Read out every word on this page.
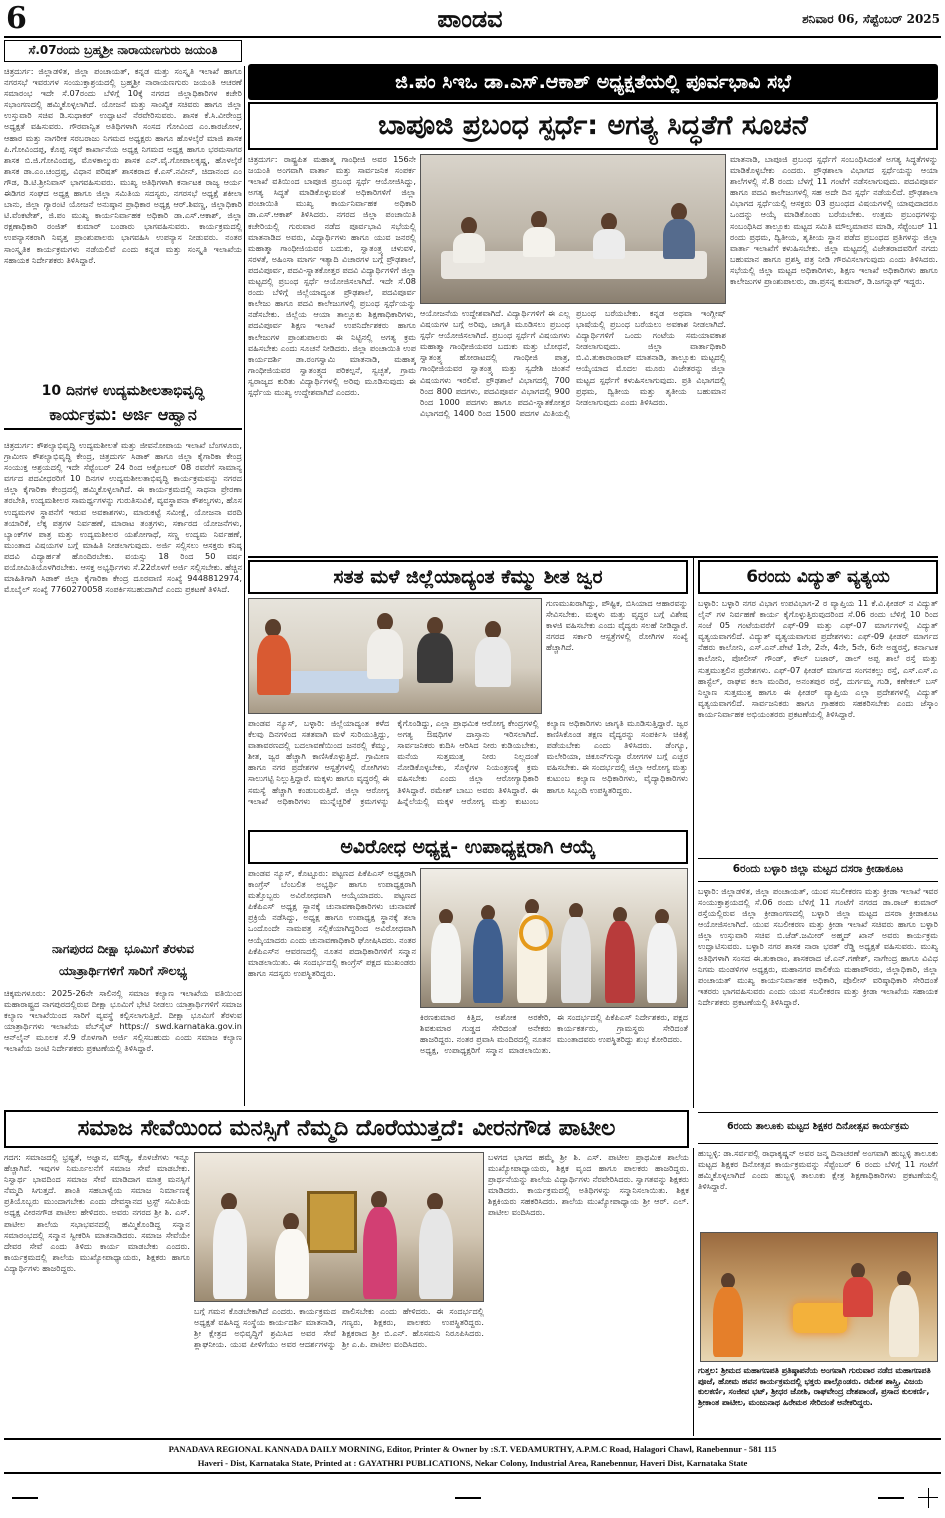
6	ಪಾಂಡವ	ಶನಿವಾರ 06, ಸೆಪ್ಟೆಂಬರ್ 2025
ಸೆ.07ರಂದು ಬ್ರಹ್ಮಶ್ರೀ ನಾರಾಯಣಗುರು ಜಯಂತಿ
ಚಿತ್ರದುರ್ಗ: ಜಿಲ್ಲಾಡಳಿತ, ಜಿಲ್ಲಾ ಪಂಚಾಯತ್, ಕನ್ನಡ ಮತ್ತು ಸಂಸ್ಕೃತಿ ಇಲಾಖೆ ಹಾಗೂ ನಗರಸಭೆ ಇವರುಗಳ ಸಂಯುಕ್ತಾಶ್ರಯದಲ್ಲಿ ಬ್ರಹ್ಮಶ್ರೀ ನಾರಾಯಣಗುರು ಜಯಂತಿ ಆಚರಣೆ ಸಮಾರಂಭ ಇದೇ ಸೆ.07ರಂದು ಬೆಳಿಗ್ಗೆ 10ಕ್ಕೆ ನಗರದ ಜಿಲ್ಲಾಧಿಕಾರಿಗಳ ಕಚೇರಿ ಸಭಾಂಗಣದಲ್ಲಿ ಹಮ್ಮಿಕೊಳ್ಳಲಾಗಿದೆ. ಯೋಜನೆ ಮತ್ತು ಸಾಂಖ್ಯಿಕ ಸಚಿವರು ಹಾಗೂ ಜಿಲ್ಲಾ ಉಸ್ತುವಾರಿ ಸಚಿವ ಡಿ.ಸುಧಾಕರ್ ಉದ್ಘಾಟನೆ ನೆರವೇರಿಸುವರು. ಶಾಸಕ ಕೆ.ಸಿ.ವೀರೇಂದ್ರ ಅಧ್ಯಕ್ಷತೆ ವಹಿಸುವರು. ಗೌರವಾನ್ವಿತ ಅತಿಥಿಗಳಾಗಿ ಸಂಸದ ಗೋವಿಂದ ಎಂ.ಕಾರಜೋಳ, ಆಹಾರ ಮತ್ತು ನಾಗರೀಕ ಸರಬರಾಜು ನಿಗಮದ ಅಧ್ಯಕ್ಷರು ಹಾಗೂ ಹೊಳಲ್ಕೆರೆ ಮಾಜಿ ಶಾಸಕ ಪಿ.ಗೋವಿಂದಪ್ಪ, ಕೊಪ್ಪ ಸಕ್ಕರೆ ಕಾರ್ಖಾನೆಯ ಅಧ್ಯಕ್ಷ ನಿಗಮದ ಅಧ್ಯಕ್ಷ ಹಾಗೂ ಭರಮಸಾಗರ ಶಾಸಕ ಬಿ.ಜಿ.ಗೋವಿಂದಪ್ಪ, ಮೊಳಕಾಲ್ಮುರು ಶಾಸಕ ಎನ್.ವೈ.ಗೋಪಾಲಕೃಷ್ಣ, ಹೊಳಲ್ಕೆರೆ ಶಾಸಕ ಡಾ.ಎಂ.ಚಂದ್ರಪ್ಪ, ವಿಧಾನ ಪರಿಷತ್ ಶಾಸಕರಾದ ಕೆ.ಎಸ್.ನವೀನ್, ಚಿದಾನಂದ ಎಂ ಗೌಡ, ಡಿ.ಟಿ.ಶ್ರೀನಿವಾಸ್ ಭಾಗವಹಿಸುವರು. ಮುಖ್ಯ ಅತಿಥಿಗಳಾಗಿ ಕರ್ನಾಟಕ ರಾಜ್ಯ ಆರ್ಯ ಈಡಿಗರ ಸಂಘದ ಅಧ್ಯಕ್ಷ ಹಾಗೂ ಜಿಲ್ಲಾ ಸಮಿತಿಯ ಸದಸ್ಯರು, ನಗರಸಭೆ ಅಧ್ಯಕ್ಷೆ ಶಕೀಲಾ ಬಾನು, ಜಿಲ್ಲಾ ಗ್ಯಾರಂಟಿ ಯೋಜನೆ ಅನುಷ್ಠಾನ ಪ್ರಾಧಿಕಾರ ಅಧ್ಯಕ್ಷ ಆರ್.ಶಿವಣ್ಣ, ಜಿಲ್ಲಾಧಿಕಾರಿ ಟಿ.ವೆಂಕಟೇಶ್, ಜಿ.ಪಂ ಮುಖ್ಯ ಕಾರ್ಯನಿರ್ವಾಹಕ ಅಧಿಕಾರಿ ಡಾ.ಎಸ್.ಆಕಾಶ್, ಜಿಲ್ಲಾ ರಕ್ಷಣಾಧಿಕಾರಿ ರಂಜಿತ್ ಕುಮಾರ್ ಬಂಡಾರು ಭಾಗವಹಿಸುವರು. ಕಾರ್ಯಕ್ರಮದಲ್ಲಿ ಉಪನ್ಯಾಸಕರಾಗಿ ನಿವೃತ್ತ ಪ್ರಾಂಶುಪಾಲರು ಭಾಗವಹಿಸಿ ಉಪನ್ಯಾಸ ನೀಡುವರು. ನಂತರ ಸಾಂಸ್ಕೃತಿಕ ಕಾರ್ಯಕ್ರಮಗಳು ನಡೆಯಲಿವೆ ಎಂದು ಕನ್ನಡ ಮತ್ತು ಸಂಸ್ಕೃತಿ ಇಲಾಖೆಯ ಸಹಾಯಕ ನಿರ್ದೇಶಕರು ತಿಳಿಸಿದ್ದಾರೆ.
10 ದಿನಗಳ ಉದ್ಯಮಶೀಲತಾಭಿವೃದ್ಧಿ
ಕಾರ್ಯಕ್ರಮ: ಅರ್ಜಿ ಆಹ್ವಾನ
ಚಿತ್ರದುರ್ಗ: ಕೌಶಲ್ಯಾಭಿವೃದ್ಧಿ ಉದ್ಯಮಶೀಲತೆ ಮತ್ತು ಜೀವನೋಪಾಯ ಇಲಾಖೆ ಬೆಂಗಳೂರು, ಗ್ರಾಮೀಣ ಕೌಶಲ್ಯಾಭಿವೃದ್ಧಿ ಕೇಂದ್ರ, ಚಿತ್ರದುರ್ಗ ಸಿಡಾಕ್ ಹಾಗೂ ಜಿಲ್ಲಾ ಕೈಗಾರಿಕಾ ಕೇಂದ್ರ ಸಂಯುಕ್ತ ಆಶ್ರಯದಲ್ಲಿ ಇದೇ ಸೆಪ್ಟೆಂಬರ್ 24 ರಿಂದ ಅಕ್ಟೋಬರ್ 08 ರವರೆಗೆ ಸಾಮಾನ್ಯ ವರ್ಗದ ಪದವೀಧರರಿಗೆ 10 ದಿನಗಳ ಉದ್ಯಮಶೀಲತಾಭಿವೃದ್ಧಿ ಕಾರ್ಯಕ್ರಮವನ್ನು ನಗರದ ಜಿಲ್ಲಾ ಕೈಗಾರಿಕಾ ಕೇಂದ್ರದಲ್ಲಿ ಹಮ್ಮಿಕೊಳ್ಳಲಾಗಿದೆ. ಈ ಕಾರ್ಯಕ್ರಮದಲ್ಲಿ ಸಾಧನಾ ಪ್ರೇರಣಾ ತರಬೇತಿ, ಉದ್ಯಮಶೀಲರ ಸಾಮರ್ಥ್ಯಗಳನ್ನು ಗುರುತಿಸುವಿಕೆ, ವ್ಯವಸ್ಥಾಪನಾ ಕೌಶಲ್ಯಗಳು, ಹೊಸ ಉದ್ಯಮಗಳ ಸ್ಥಾಪನೆಗೆ ಇರುವ ಅವಕಾಶಗಳು, ಮಾರುಕಟ್ಟೆ ಸಮೀಕ್ಷೆ, ಯೋಜನಾ ವರದಿ ತಯಾರಿಕೆ, ಲೆಕ್ಕ ಪತ್ರಗಳ ನಿರ್ವಹಣೆ, ಮಾರಾಟ ತಂತ್ರಗಳು, ಸರ್ಕಾರದ ಯೋಜನೆಗಳು, ಬ್ಯಾಂಕ್‍ಗಳ ಪಾತ್ರ ಮತ್ತು ಉದ್ಯಮಶೀಲರ ಯಶೋಗಾಥೆ, ಸಣ್ಣ ಉದ್ಯಮ ನಿರ್ವಹಣೆ, ಮುಂತಾದ ವಿಷಯಗಳ ಬಗ್ಗೆ ಮಾಹಿತಿ ನೀಡಲಾಗುವುದು. ಅರ್ಜಿ ಸಲ್ಲಿಸಲು ಆಸಕ್ತರು ಕನಿಷ್ಠ ಪದವಿ ವಿದ್ಯಾರ್ಹತೆ ಹೊಂದಿರಬೇಕು. ವಯಸ್ಸು 18 ರಿಂದ 50 ವರ್ಷ ವಯೋಮಿತಿಯೊಳಗಿರಬೇಕು. ಆಸಕ್ತ ಅಭ್ಯರ್ಥಿಗಳು ಸೆ.22ರೊಳಗೆ ಅರ್ಜಿ ಸಲ್ಲಿಸಬೇಕು. ಹೆಚ್ಚಿನ ಮಾಹಿತಿಗಾಗಿ ಸಿಡಾಕ್ ಜಿಲ್ಲಾ ಕೈಗಾರಿಕಾ ಕೇಂದ್ರ ದೂರವಾಣಿ ಸಂಖ್ಯೆ 9448812974, ಮೊಬೈಲ್ ಸಂಖ್ಯೆ 7760270058 ಸಂಪರ್ಕಿಸಬಹುದಾಗಿದೆ ಎಂದು ಪ್ರಕಟಣೆ ತಿಳಿಸಿದೆ.
ನಾಗಪುರದ ದೀಕ್ಷಾ ಭೂಮಿಗೆ ತೆರಳುವ
ಯಾತ್ರಾರ್ಥಿಗಳಿಗೆ ಸಾರಿಗೆ ಸೌಲಭ್ಯ
ಚಿಕ್ಕಮಗಳೂರು: 2025-26ನೇ ಸಾಲಿನಲ್ಲಿ ಸಮಾಜ ಕಲ್ಯಾಣ ಇಲಾಖೆಯ ವತಿಯಿಂದ ಮಹಾರಾಷ್ಟ್ರದ ನಾಗಪುರದಲ್ಲಿರುವ ದೀಕ್ಷಾ ಭೂಮಿಗೆ ಭೇಟಿ ನೀಡಲು ಯಾತ್ರಾರ್ಥಿಗಳಿಗೆ ಸಮಾಜ ಕಲ್ಯಾಣ ಇಲಾಖೆಯಿಂದ ಸಾರಿಗೆ ವ್ಯವಸ್ಥೆ ಕಲ್ಪಿಸಲಾಗುತ್ತಿದೆ. ದೀಕ್ಷಾ ಭೂಮಿಗೆ ತೆರಳುವ ಯಾತ್ರಾರ್ಥಿಗಳು ಇಲಾಖೆಯ ವೆಬ್‍ಸೈಟ್ https:// swd.karnataka.gov.in ಆನ್‍ಲೈನ್ ಮೂಲಕ ಸೆ.9 ರೊಳಗಾಗಿ ಅರ್ಜಿ ಸಲ್ಲಿಸಬಹುದು ಎಂದು ಸಮಾಜ ಕಲ್ಯಾಣ ಇಲಾಖೆಯ ಜಂಟಿ ನಿರ್ದೇಶಕರು ಪ್ರಕಟಣೆಯಲ್ಲಿ ತಿಳಿಸಿದ್ದಾರೆ.
ಜಿ.ಪಂ ಸಿಇಒ ಡಾ.ಎಸ್.ಆಕಾಶ್ ಅಧ್ಯಕ್ಷತೆಯಲ್ಲಿ ಪೂರ್ವಭಾವಿ ಸಭೆ
ಬಾಪೂಜಿ ಪ್ರಬಂಧ ಸ್ಪರ್ಧೆ: ಅಗತ್ಯ ಸಿದ್ಧತೆಗೆ ಸೂಚನೆ
ಚಿತ್ರದುರ್ಗ: ರಾಷ್ಟ್ರಪಿತ ಮಹಾತ್ಮ ಗಾಂಧೀಜಿ ಅವರ 156ನೇ ಜಯಂತಿ ಅಂಗವಾಗಿ ವಾರ್ತಾ ಮತ್ತು ಸಾರ್ವಜನಿಕ ಸಂಪರ್ಕ ಇಲಾಖೆ ವತಿಯಿಂದ ಬಾಪೂಜಿ ಪ್ರಬಂಧ ಸ್ಪರ್ಧೆ ಆಯೋಜಿಸಿದ್ದು, ಅಗತ್ಯ ಸಿದ್ಧತೆ ಮಾಡಿಕೊಳ್ಳುವಂತೆ ಅಧಿಕಾರಿಗಳಿಗೆ ಜಿಲ್ಲಾ ಪಂಚಾಯಿತಿ ಮುಖ್ಯ ಕಾರ್ಯನಿರ್ವಾಹಕ ಅಧಿಕಾರಿ ಡಾ.ಎಸ್.ಆಕಾಶ್ ತಿಳಿಸಿದರು. ನಗರದ ಜಿಲ್ಲಾ ಪಂಚಾಯಿತಿ ಕಚೇರಿಯಲ್ಲಿ ಗುರುವಾರ ನಡೆದ ಪೂರ್ವಭಾವಿ ಸಭೆಯಲ್ಲಿ ಮಾತನಾಡಿದ ಅವರು, ವಿದ್ಯಾರ್ಥಿಗಳು ಹಾಗೂ ಯುವ ಜನರಲ್ಲಿ ಮಹಾತ್ಮಾ ಗಾಂಧೀಜಿಯವರ ಬದುಕು, ಸ್ವಾತಂತ್ರ್ಯ ಚಳುವಳಿ, ಸರಳತೆ, ಅಹಿಂಸಾ ಮಾರ್ಗ ಇತ್ಯಾದಿ ವಿಚಾರಗಳ ಬಗ್ಗೆ ಪ್ರೌಢಶಾಲೆ, ಪದವಿಪೂರ್ವ, ಪದವಿ-ಸ್ನಾತಕೋತ್ತರ ಪದವಿ ವಿದ್ಯಾರ್ಥಿಗಳಿಗೆ ಜಿಲ್ಲಾ ಮಟ್ಟದಲ್ಲಿ ಪ್ರಬಂಧ ಸ್ಪರ್ಧೆ ಆಯೋಜಿಸಲಾಗಿದೆ. ಇದೇ ಸೆ.08 ರಂದು ಬೆಳಿಗ್ಗೆ ಜಿಲ್ಲೆಯಾದ್ಯಂತ ಪ್ರೌಢಶಾಲೆ, ಪದವಿಪೂರ್ವ ಕಾಲೇಜು ಹಾಗೂ ಪದವಿ ಕಾಲೇಜುಗಳಲ್ಲಿ ಪ್ರಬಂಧ ಸ್ಪರ್ಧೆಯನ್ನು ನಡೆಸಬೇಕು. ಜಿಲ್ಲೆಯ ಆಯಾ ತಾಲ್ಲೂಕು ಶಿಕ್ಷಣಾಧಿಕಾರಿಗಳು, ಪದವಿಪೂರ್ವ ಶಿಕ್ಷಣ ಇಲಾಖೆ ಉಪನಿರ್ದೇಶಕರು ಹಾಗೂ ಕಾಲೇಜುಗಳ ಪ್ರಾಂಶುಪಾಲರು ಈ ನಿಟ್ಟಿನಲ್ಲಿ ಅಗತ್ಯ ಕ್ರಮ ವಹಿಸಬೇಕು ಎಂದು ಸೂಚನೆ ನೀಡಿದರು. ಜಿಲ್ಲಾ ಪಂಚಾಯಿತಿ ಉಪ ಕಾರ್ಯದರ್ಶಿ ಡಾ.ರಂಗಸ್ವಾಮಿ ಮಾತನಾಡಿ, ಮಹಾತ್ಮ ಗಾಂಧೀಜಿಯವರ ಸ್ವಾತಂತ್ರ್ಯದ ಪರಿಕಲ್ಪನೆ, ಸ್ವಚ್ಛತೆ, ಗ್ರಾಮ ಸ್ವರಾಜ್ಯದ ಕುರಿತು ವಿದ್ಯಾರ್ಥಿಗಳಲ್ಲಿ ಅರಿವು ಮೂಡಿಸುವುದು ಈ ಸ್ಪರ್ಧೆಯ ಮುಖ್ಯ ಉದ್ದೇಶವಾಗಿದೆ ಎಂದರು.
ಆಯೋಜನೆಯ ಉದ್ದೇಶವಾಗಿದೆ. ವಿದ್ಯಾರ್ಥಿಗಳಿಗೆ ಈ ಎಲ್ಲ ವಿಷಯಗಳ ಬಗ್ಗೆ ಅರಿವು, ಜಾಗೃತಿ ಮೂಡಿಸಲು ಪ್ರಬಂಧ ಸ್ಪರ್ಧೆ ಆಯೋಜಿಸಲಾಗಿದೆ. ಪ್ರಬಂಧ ಸ್ಪರ್ಧೆಗೆ ವಿಷಯಗಳು ಮಹಾತ್ಮಾ ಗಾಂಧೀಜಿಯವರ ಬದುಕು ಮತ್ತು ಬೋಧನೆ, ಸ್ವಾತಂತ್ರ್ಯ ಹೋರಾಟದಲ್ಲಿ ಗಾಂಧೀಜಿ ಪಾತ್ರ, ಗಾಂಧೀಜಿಯವರ ಸ್ವಾತಂತ್ರ್ಯ ಮತ್ತು ಸ್ವದೇಶಿ ಚಿಂತನೆ ವಿಷಯಗಳು ಇರಲಿವೆ. ಪ್ರೌಢಶಾಲೆ ವಿಭಾಗದಲ್ಲಿ 700 ರಿಂದ 800 ಪದಗಳು, ಪದವಿಪೂರ್ವ ವಿಭಾಗದಲ್ಲಿ 900 ರಿಂದ 1000 ಪದಗಳು ಹಾಗೂ ಪದವಿ-ಸ್ನಾತಕೋತ್ತರ ವಿಭಾಗದಲ್ಲಿ 1400 ರಿಂದ 1500 ಪದಗಳ ಮಿತಿಯಲ್ಲಿ ಪ್ರಬಂಧ ಬರೆಯಬೇಕು. ಕನ್ನಡ ಅಥವಾ ಇಂಗ್ಲೀಷ್ ಭಾಷೆಯಲ್ಲಿ ಪ್ರಬಂಧ ಬರೆಯಲು ಅವಕಾಶ ನೀಡಲಾಗಿದೆ. ವಿದ್ಯಾರ್ಥಿಗಳಿಗೆ ಒಂದು ಗಂಟೆಯ ಸಮಯಾವಕಾಶ ನೀಡಲಾಗುವುದು. ಜಿಲ್ಲಾ ವಾರ್ತಾಧಿಕಾರಿ ಬಿ.ವಿ.ತುಕಾರಾಂರಾವ್ ಮಾತನಾಡಿ, ತಾಲ್ಲೂಕು ಮಟ್ಟದಲ್ಲಿ ಆಯ್ಕೆಯಾದ ಮೊದಲ ಮೂರು ವಿಜೇತರನ್ನು ಜಿಲ್ಲಾ ಮಟ್ಟದ ಸ್ಪರ್ಧೆಗೆ ಕಳುಹಿಸಲಾಗುವುದು. ಪ್ರತಿ ವಿಭಾಗದಲ್ಲಿ ಪ್ರಥಮ, ದ್ವಿತೀಯ ಮತ್ತು ತೃತೀಯ ಬಹುಮಾನ ನೀಡಲಾಗುವುದು ಎಂದು ತಿಳಿಸಿದರು.
ಮಾತನಾಡಿ, ಬಾಪೂಜಿ ಪ್ರಬಂಧ ಸ್ಪರ್ಧೆಗೆ ಸಂಬಂಧಿಸಿದಂತೆ ಅಗತ್ಯ ಸಿದ್ಧತೆಗಳನ್ನು ಮಾಡಿಕೊಳ್ಳಬೇಕು ಎಂದರು. ಪ್ರೌಢಶಾಲಾ ವಿಭಾಗದ ಸ್ಪರ್ಧೆಯನ್ನು ಆಯಾ ಶಾಲೆಗಳಲ್ಲಿ ಸೆ.8 ರಂದು ಬೆಳಗ್ಗೆ 11 ಗಂಟೆಗೆ ನಡೆಸಲಾಗುವುದು. ಪದವಿಪೂರ್ವ ಹಾಗೂ ಪದವಿ ಕಾಲೇಜುಗಳಲ್ಲಿ ಸಹ ಅದೇ ದಿನ ಸ್ಪರ್ಧೆ ನಡೆಯಲಿದೆ. ಪ್ರೌಢಶಾಲಾ ವಿಭಾಗದ ಸ್ಪರ್ಧೆಯಲ್ಲಿ ಆಸಕ್ತರು 03 ಪ್ರಬಂಧದ ವಿಷಯಗಳಲ್ಲಿ ಯಾವುದಾದರೂ ಒಂದನ್ನು ಆಯ್ಕೆ ಮಾಡಿಕೊಂಡು ಬರೆಯಬೇಕು. ಉತ್ತಮ ಪ್ರಬಂಧಗಳನ್ನು ಸಂಬಂಧಿಸಿದ ತಾಲ್ಲೂಕು ಮಟ್ಟದ ಸಮಿತಿ ಮೌಲ್ಯಮಾಪನ ಮಾಡಿ, ಸೆಪ್ಟೆಂಬರ್ 11 ರಂದು ಪ್ರಥಮ, ದ್ವಿತೀಯ, ತೃತೀಯ ಸ್ಥಾನ ಪಡೆದ ಪ್ರಬಂಧದ ಪ್ರತಿಗಳನ್ನು ಜಿಲ್ಲಾ ವಾರ್ತಾ ಇಲಾಖೆಗೆ ಕಳುಹಿಸಬೇಕು. ಜಿಲ್ಲಾ ಮಟ್ಟದಲ್ಲಿ ವಿಜೇತರಾದವರಿಗೆ ನಗದು ಬಹುಮಾನ ಹಾಗೂ ಪ್ರಶಸ್ತಿ ಪತ್ರ ನೀಡಿ ಗೌರವಿಸಲಾಗುವುದು ಎಂದು ತಿಳಿಸಿದರು. ಸಭೆಯಲ್ಲಿ ಜಿಲ್ಲಾ ಮಟ್ಟದ ಅಧಿಕಾರಿಗಳು, ಶಿಕ್ಷಣ ಇಲಾಖೆ ಅಧಿಕಾರಿಗಳು ಹಾಗೂ ಕಾಲೇಜುಗಳ ಪ್ರಾಂಶುಪಾಲರು, ಡಾ.ಪ್ರಸನ್ನ ಕುಮಾರ್, ಡಿ.ಜಗನ್ನಾಥ್ ಇದ್ದರು.
ಸತತ ಮಳೆ ಜಿಲ್ಲೆಯಾದ್ಯಂತ ಕೆಮ್ಮು ಶೀತ ಜ್ವರ
ಗುಣಮುಖರಾಗಿದ್ದು, ಪೌಷ್ಟಿಕ, ಬಿಸಿಯಾದ ಆಹಾರವನ್ನು ಸೇವಿಸಬೇಕು. ಮಕ್ಕಳು ಮತ್ತು ವೃದ್ಧರ ಬಗ್ಗೆ ವಿಶೇಷ ಕಾಳಜಿ ವಹಿಸಬೇಕು ಎಂದು ವೈದ್ಯರು ಸಲಹೆ ನೀಡಿದ್ದಾರೆ. ನಗರದ ಸರ್ಕಾರಿ ಆಸ್ಪತ್ರೆಗಳಲ್ಲಿ ರೋಗಿಗಳ ಸಂಖ್ಯೆ ಹೆಚ್ಚಾಗಿದೆ.
ಪಾಂಡವ ನ್ಯೂಸ್, ಬಳ್ಳಾರಿ: ಜಿಲ್ಲೆಯಾದ್ಯಂತ ಕಳೆದ ಕೆಲವು ದಿನಗಳಿಂದ ಸತತವಾಗಿ ಮಳೆ ಸುರಿಯುತ್ತಿದ್ದು, ವಾತಾವರಣದಲ್ಲಿ ಬದಲಾವಣೆಯಿಂದ ಜನರಲ್ಲಿ ಕೆಮ್ಮು, ಶೀತ, ಜ್ವರ ಹೆಚ್ಚಾಗಿ ಕಾಣಿಸಿಕೊಳ್ಳುತ್ತಿದೆ. ಗ್ರಾಮೀಣ ಹಾಗೂ ನಗರ ಪ್ರದೇಶಗಳ ಆಸ್ಪತ್ರೆಗಳಲ್ಲಿ ರೋಗಿಗಳು ಸಾಲುಗಟ್ಟಿ ನಿಲ್ಲುತ್ತಿದ್ದಾರೆ. ಮಕ್ಕಳು ಹಾಗೂ ವೃದ್ಧರಲ್ಲಿ ಈ ಸಮಸ್ಯೆ ಹೆಚ್ಚಾಗಿ ಕಂಡುಬರುತ್ತಿದೆ. ಜಿಲ್ಲಾ ಆರೋಗ್ಯ ಇಲಾಖೆ ಅಧಿಕಾರಿಗಳು ಮುನ್ನೆಚ್ಚರಿಕೆ ಕ್ರಮಗಳನ್ನು ಕೈಗೊಂಡಿದ್ದು, ಎಲ್ಲಾ ಪ್ರಾಥಮಿಕ ಆರೋಗ್ಯ ಕೇಂದ್ರಗಳಲ್ಲಿ ಅಗತ್ಯ ಔಷಧಿಗಳ ದಾಸ್ತಾನು ಇರಿಸಲಾಗಿದೆ. ಸಾರ್ವಜನಿಕರು ಕುದಿಸಿ ಆರಿಸಿದ ನೀರು ಕುಡಿಯಬೇಕು, ಮನೆಯ ಸುತ್ತಮುತ್ತ ನೀರು ನಿಲ್ಲದಂತೆ ನೋಡಿಕೊಳ್ಳಬೇಕು, ಸೊಳ್ಳೆಗಳ ನಿಯಂತ್ರಣಕ್ಕೆ ಕ್ರಮ ವಹಿಸಬೇಕು ಎಂದು ಜಿಲ್ಲಾ ಆರೋಗ್ಯಾಧಿಕಾರಿ ತಿಳಿಸಿದ್ದಾರೆ. ರಮೇಶ್ ಬಾಬು ಅವರು ತಿಳಿಸಿದ್ದಾರೆ. ಈ ಹಿನ್ನೆಲೆಯಲ್ಲಿ ಮಕ್ಕಳ ಆರೋಗ್ಯ ಮತ್ತು ಕುಟುಂಬ ಕಲ್ಯಾಣ ಅಧಿಕಾರಿಗಳು ಜಾಗೃತಿ ಮೂಡಿಸುತ್ತಿದ್ದಾರೆ. ಜ್ವರ ಕಾಣಿಸಿಕೊಂಡ ತಕ್ಷಣ ವೈದ್ಯರನ್ನು ಸಂಪರ್ಕಿಸಿ ಚಿಕಿತ್ಸೆ ಪಡೆಯಬೇಕು ಎಂದು ತಿಳಿಸಿದರು. ಡೆಂಗ್ಯೂ, ಮಲೇರಿಯಾ, ಚಿಕೂನ್‍ಗುನ್ಯಾ ರೋಗಗಳ ಬಗ್ಗೆ ಎಚ್ಚರ ವಹಿಸಬೇಕು. ಈ ಸಂದರ್ಭದಲ್ಲಿ ಜಿಲ್ಲಾ ಆರೋಗ್ಯ ಮತ್ತು ಕುಟುಂಬ ಕಲ್ಯಾಣ ಅಧಿಕಾರಿಗಳು, ವೈದ್ಯಾಧಿಕಾರಿಗಳು ಹಾಗೂ ಸಿಬ್ಬಂದಿ ಉಪಸ್ಥಿತರಿದ್ದರು.
ಅವಿರೋಧ ಅಧ್ಯಕ್ಷ- ಉಪಾಧ್ಯಕ್ಷರಾಗಿ ಆಯ್ಕೆ
ಪಾಂಡವ ನ್ಯೂಸ್, ಕೊಟ್ಟೂರು: ಪಟ್ಟಣದ ಪಿಕೆಪಿಎಸ್ ಅಧ್ಯಕ್ಷರಾಗಿ ಕಾಂಗ್ರೆಸ್ ಬೆಂಬಲಿತ ಅಭ್ಯರ್ಥಿ ಹಾಗೂ ಉಪಾಧ್ಯಕ್ಷರಾಗಿ ಮತ್ತೊಬ್ಬರು ಅವಿರೋಧವಾಗಿ ಆಯ್ಕೆಯಾದರು. ಪಟ್ಟಣದ ಪಿಕೆಪಿಎಸ್ ಅಧ್ಯಕ್ಷ ಸ್ಥಾನಕ್ಕೆ ಚುನಾವಣಾಧಿಕಾರಿಗಳು ಚುನಾವಣೆ ಪ್ರಕ್ರಿಯೆ ನಡೆಸಿದ್ದು, ಅಧ್ಯಕ್ಷ ಹಾಗೂ ಉಪಾಧ್ಯಕ್ಷ ಸ್ಥಾನಕ್ಕೆ ತಲಾ ಒಂದೊಂದೇ ನಾಮಪತ್ರ ಸಲ್ಲಿಕೆಯಾಗಿದ್ದರಿಂದ ಅವಿರೋಧವಾಗಿ ಆಯ್ಕೆಯಾದರು ಎಂದು ಚುನಾವಣಾಧಿಕಾರಿ ಘೋಷಿಸಿದರು. ನಂತರ ಪಿಕೆಪಿಎಸ್‍ನ ಆವರಣದಲ್ಲಿ ನೂತನ ಪದಾಧಿಕಾರಿಗಳಿಗೆ ಸನ್ಮಾನ ಮಾಡಲಾಯಿತು. ಈ ಸಂದರ್ಭದಲ್ಲಿ ಕಾಂಗ್ರೆಸ್ ಪಕ್ಷದ ಮುಖಂಡರು ಹಾಗೂ ಸದಸ್ಯರು ಉಪಸ್ಥಿತರಿದ್ದರು.
ಕಿರಣಕುಮಾರ ಕಿತ್ತಿದ, ಅಶೋಕ ಅರಕೇರಿ, ಶಿವಕುಮಾರ ಗುಡ್ಡದ ಸೇರಿದಂತೆ ಅನೇಕರು ಹಾಜರಿದ್ದರು. ನಂತರ ಪ್ರವಾಸಿ ಮಂದಿರದಲ್ಲಿ ನೂತನ ಅಧ್ಯಕ್ಷ, ಉಪಾಧ್ಯಕ್ಷರಿಗೆ ಸನ್ಮಾನ ಮಾಡಲಾಯಿತು. ಈ ಸಂದರ್ಭದಲ್ಲಿ ಪಿಕೆಪಿಎಸ್ ನಿರ್ದೇಶಕರು, ಪಕ್ಷದ ಕಾರ್ಯಕರ್ತರು, ಗ್ರಾಮಸ್ಥರು ಸೇರಿದಂತೆ ಮುಂತಾದವರು ಉಪಸ್ಥಿತರಿದ್ದು ಶುಭ ಕೋರಿದರು.
6ರಂದು ವಿದ್ಯುತ್ ವ್ಯತ್ಯಯ
ಬಳ್ಳಾರಿ: ಬಳ್ಳಾರಿ ನಗರ ವಿಭಾಗ ಉಪವಿಭಾಗ-2 ರ ವ್ಯಾಪ್ತಿಯ 11 ಕೆ.ವಿ.ಫೀಡರ್ ನ ವಿದ್ಯುತ್ ಲೈನ್ ಗಳ ನಿರ್ವಹಣೆ ಕಾರ್ಯ ಕೈಗೊಳ್ಳುತ್ತಿರುವುದರಿಂದ ಸೆ.06 ರಂದು ಬೆಳಿಗ್ಗೆ 10 ರಿಂದ ಸಂಜೆ 05 ಗಂಟೆಯವರೆಗೆ ಎಫ್-09 ಮತ್ತು ಎಫ್-07 ಮಾರ್ಗಗಳಲ್ಲಿ ವಿದ್ಯುತ್ ವ್ಯತ್ಯಯವಾಗಲಿದೆ. ವಿದ್ಯುತ್ ವ್ಯತ್ಯಯವಾಗುವ ಪ್ರದೇಶಗಳು: ಎಫ್-09 ಫೀಡರ್ ಮಾರ್ಗದ ನೆಹರು ಕಾಲೋನಿ, ಎಸ್.ಎನ್.ಪೇಟೆ 1ನೇ, 2ನೇ, 4ನೇ, 5ನೇ, 6ನೇ ಅಡ್ಡರಸ್ತೆ, ಕರ್ನಾಟಕ ಕಾಲೋನಿ, ಪೋಲೀಸ್ ಗೌಂಡ್, ಕೌಲ್ ಬಜಾರ್, ಡಾಲ್ ಅಪ್ಪ ಶಾಲೆ ರಸ್ತೆ ಮತ್ತು ಸುತ್ತಮುತ್ತಲಿನ ಪ್ರದೇಶಗಳು. ಎಫ್-07 ಫೀಡರ್ ಮಾರ್ಗದ ಸಂಗನಕಲ್ಲು ರಸ್ತೆ, ಎಸ್.ಎಸ್.ಎ ಹಾಸ್ಟೆಲ್, ರಾಘವ ಕಲಾ ಮಂದಿರ, ಅನಂತಪುರ ರಸ್ತೆ, ದುರ್ಗಮ್ಮ ಗುಡಿ, ಕಣೇಕಲ್ ಬಸ್ ನಿಲ್ದಾಣ ಸುತ್ತಮುತ್ತ ಹಾಗೂ ಈ ಫೀಡರ್ ವ್ಯಾಪ್ತಿಯ ಎಲ್ಲಾ ಪ್ರದೇಶಗಳಲ್ಲಿ ವಿದ್ಯುತ್ ವ್ಯತ್ಯಯವಾಗಲಿದೆ. ಸಾರ್ವಜನಿಕರು ಹಾಗೂ ಗ್ರಾಹಕರು ಸಹಕರಿಸಬೇಕು ಎಂದು ಜೆಸ್ಕಾಂ ಕಾರ್ಯನಿರ್ವಾಹಕ ಅಭಿಯಂತರರು ಪ್ರಕಟಣೆಯಲ್ಲಿ ತಿಳಿಸಿದ್ದಾರೆ.
6ರಂದು ಬಳ್ಳಾರಿ ಜಿಲ್ಲಾ ಮಟ್ಟದ ದಸರಾ ಕ್ರೀಡಾಕೂಟ
ಬಳ್ಳಾರಿ: ಜಿಲ್ಲಾಡಳಿತ, ಜಿಲ್ಲಾ ಪಂಚಾಯತ್, ಯುವ ಸಬಲೀಕರಣ ಮತ್ತು ಕ್ರೀಡಾ ಇಲಾಖೆ ಇವರ ಸಂಯುಕ್ತಾಶ್ರಯದಲ್ಲಿ ಸೆ.06 ರಂದು ಬೆಳಿಗ್ಗೆ 11 ಗಂಟೆಗೆ ನಗರದ ಡಾ.ರಾಜ್ ಕುಮಾರ್ ರಸ್ತೆಯಲ್ಲಿರುವ ಜಿಲ್ಲಾ ಕ್ರೀಡಾಂಗಣದಲ್ಲಿ ಬಳ್ಳಾರಿ ಜಿಲ್ಲಾ ಮಟ್ಟದ ದಸರಾ ಕ್ರೀಡಾಕೂಟ ಆಯೋಜಿಸಲಾಗಿದೆ. ಯುವ ಸಬಲೀಕರಣ ಮತ್ತು ಕ್ರೀಡಾ ಇಲಾಖೆ ಸಚಿವರು ಹಾಗೂ ಬಳ್ಳಾರಿ ಜಿಲ್ಲಾ ಉಸ್ತುವಾರಿ ಸಚಿವ ಬಿ.ಜೆಡ್.ಜಮೀರ್ ಅಹ್ಮದ್ ಖಾನ್ ಅವರು ಕಾರ್ಯಕ್ರಮ ಉದ್ಘಾಟಿಸುವರು. ಬಳ್ಳಾರಿ ನಗರ ಶಾಸಕ ನಾರಾ ಭರತ್ ರೆಡ್ಡಿ ಅಧ್ಯಕ್ಷತೆ ವಹಿಸುವರು. ಮುಖ್ಯ ಅತಿಥಿಗಳಾಗಿ ಸಂಸದ ಈ.ತುಕಾರಾಂ, ಶಾಸಕರಾದ ಜೆ.ಎನ್.ಗಣೇಶ್, ನಾಗೇಂದ್ರ ಹಾಗೂ ವಿವಿಧ ನಿಗಮ ಮಂಡಳಿಗಳ ಅಧ್ಯಕ್ಷರು, ಮಹಾನಗರ ಪಾಲಿಕೆಯ ಮಹಾಪೌರರು, ಜಿಲ್ಲಾಧಿಕಾರಿ, ಜಿಲ್ಲಾ ಪಂಚಾಯತ್ ಮುಖ್ಯ ಕಾರ್ಯನಿರ್ವಾಹಕ ಅಧಿಕಾರಿ, ಪೊಲೀಸ್ ವರಿಷ್ಠಾಧಿಕಾರಿ ಸೇರಿದಂತೆ ಇತರರು ಭಾಗವಹಿಸುವರು ಎಂದು ಯುವ ಸಬಲೀಕರಣ ಮತ್ತು ಕ್ರೀಡಾ ಇಲಾಖೆಯ ಸಹಾಯಕ ನಿರ್ದೇಶಕರು ಪ್ರಕಟಣೆಯಲ್ಲಿ ತಿಳಿಸಿದ್ದಾರೆ.
ಸಮಾಜ ಸೇವೆಯಿಂದ ಮನಸ್ಸಿಗೆ ನೆಮ್ಮದಿ ದೊರೆಯುತ್ತದೆ: ವೀರನಗೌಡ ಪಾಟೀಲ
ಗದಗ: ಸಮಾಜದಲ್ಲಿ ಭ್ರಷ್ಟತೆ, ಅಜ್ಞಾನ, ಮೌಢ್ಯ, ಕೊಳಚೆಗಳು ಇನ್ನೂ ಹೆಚ್ಚಾಗಿವೆ. ಇವುಗಳ ನಿರ್ಮೂಲನೆಗೆ ಸಮಾಜ ಸೇವೆ ಮಾಡಬೇಕು. ನಿಸ್ವಾರ್ಥ ಭಾವದಿಂದ ಸಮಾಜ ಸೇವೆ ಮಾಡಿದಾಗ ಮಾತ್ರ ಮನಸ್ಸಿಗೆ ನೆಮ್ಮದಿ ಸಿಗುತ್ತದೆ. ಶಾಂತಿ ಸಹಬಾಳ್ವೆಯ ಸಮಾಜ ನಿರ್ಮಾಣಕ್ಕೆ ಪ್ರತಿಯೊಬ್ಬರು ಮುಂದಾಗಬೇಕು ಎಂದು ದೇವಸ್ಥಾನದ ಟ್ರಸ್ಟ್ ಸಮಿತಿಯ ಅಧ್ಯಕ್ಷ ವೀರನಗೌಡ ಪಾಟೀಲ ಹೇಳಿದರು. ಅವರು ನಗರದ ಶ್ರೀ ಶಿ. ಎಸ್. ಪಾಟೀಲ ಶಾಲೆಯ ಸಭಾಭವನದಲ್ಲಿ ಹಮ್ಮಿಕೊಂಡಿದ್ದ ಸನ್ಮಾನ ಸಮಾರಂಭದಲ್ಲಿ ಸನ್ಮಾನ ಸ್ವೀಕರಿಸಿ ಮಾತನಾಡಿದರು. ಸಮಾಜ ಸೇವೆಯೇ ದೇವರ ಸೇವೆ ಎಂದು ತಿಳಿದು ಕಾರ್ಯ ಮಾಡಬೇಕು ಎಂದರು. ಕಾರ್ಯಕ್ರಮದಲ್ಲಿ ಶಾಲೆಯ ಮುಖ್ಯೋಪಾಧ್ಯಾಯರು, ಶಿಕ್ಷಕರು ಹಾಗೂ ವಿದ್ಯಾರ್ಥಿಗಳು ಹಾಜರಿದ್ದರು.
ಬಗ್ಗೆ ಗಮನ ಕೊಡಬೇಕಾಗಿದೆ ಎಂದರು. ಕಾರ್ಯಕ್ರಮದ ಅಧ್ಯಕ್ಷತೆ ವಹಿಸಿದ್ದ ಸಂಸ್ಥೆಯ ಕಾರ್ಯದರ್ಶಿ ಮಾತನಾಡಿ, ಶ್ರೀ ಕ್ಷೇತ್ರದ ಅಭಿವೃದ್ಧಿಗೆ ಶ್ರಮಿಸಿದ ಅವರ ಸೇವೆ ಶ್ಲಾಘನೀಯ. ಯುವ ಪೀಳಿಗೆಯು ಅವರ ಆದರ್ಶಗಳನ್ನು ಪಾಲಿಸಬೇಕು ಎಂದು ಹೇಳಿದರು. ಈ ಸಂದರ್ಭದಲ್ಲಿ ಗಣ್ಯರು, ಶಿಕ್ಷಕರು, ಪಾಲಕರು ಉಪಸ್ಥಿತರಿದ್ದರು. ಶಿಕ್ಷಕರಾದ ಶ್ರೀ ಬಿ.ಎನ್. ಹೊಸಮನಿ ನಿರೂಪಿಸಿದರು. ಶ್ರೀ ಎ.ಪಿ. ಪಾಟೀಲ ವಂದಿಸಿದರು.
ಬಳಗದ ಭಾಗದ ಹಮ್ಮೆ ಶ್ರೀ ಶಿ. ಎಸ್. ಪಾಟೀಲ ಪ್ರಾಥಮಿಕ ಶಾಲೆಯ ಮುಖ್ಯೋಪಾಧ್ಯಾಯರು, ಶಿಕ್ಷಕ ವೃಂದ ಹಾಗೂ ಪಾಲಕರು ಹಾಜರಿದ್ದರು. ಪ್ರಾರ್ಥನೆಯನ್ನು ಶಾಲೆಯ ವಿದ್ಯಾರ್ಥಿಗಳು ನೆರವೇರಿಸಿದರು. ಸ್ವಾಗತವನ್ನು ಶಿಕ್ಷಕರು ಮಾಡಿದರು. ಕಾರ್ಯಕ್ರಮದಲ್ಲಿ ಅತಿಥಿಗಳನ್ನು ಸನ್ಮಾನಿಸಲಾಯಿತು. ಶಿಕ್ಷಕ ಶಿಕ್ಷಕಿಯರು ಸಹಕರಿಸಿದರು. ಶಾಲೆಯ ಮುಖ್ಯೋಪಾಧ್ಯಾಯ ಶ್ರೀ ಆರ್. ಎಲ್. ಪಾಟೀಲ ವಂದಿಸಿದರು.
6ರಂದು ತಾಲೂಕು ಮಟ್ಟದ ಶಿಕ್ಷಕರ ದಿನೋತ್ಸವ ಕಾರ್ಯಕ್ರಮ
ಹುಬ್ಬಳ್ಳಿ: ಡಾ.ಸರ್ವಪಲ್ಲಿ ರಾಧಾಕೃಷ್ಣನ್ ಅವರ ಜನ್ಮ ದಿನಾಚರಣೆ ಅಂಗವಾಗಿ ಹುಬ್ಬಳ್ಳಿ ತಾಲೂಕು ಮಟ್ಟದ ಶಿಕ್ಷಕರ ದಿನೋತ್ಸವ ಕಾರ್ಯಕ್ರಮವನ್ನು ಸೆಪ್ಟೆಂಬರ್ 6 ರಂದು ಬೆಳಿಗ್ಗೆ 11 ಗಂಟೆಗೆ ಹಮ್ಮಿಕೊಳ್ಳಲಾಗಿದೆ ಎಂದು ಹುಬ್ಬಳ್ಳಿ ತಾಲೂಕು ಕ್ಷೇತ್ರ ಶಿಕ್ಷಣಾಧಿಕಾರಿಗಳು ಪ್ರಕಟಣೆಯಲ್ಲಿ ತಿಳಿಸಿದ್ದಾರೆ.
ಗುತ್ತಲ: ಶ್ರೀಮದ ಮಹಾಗಣಪತಿ ಪ್ರತಿಷ್ಠಾಪನೆಯ ಅಂಗವಾಗಿ ಗುರುವಾರ ನಡೆದ ಮಹಾಗಣಪತಿ ಪೂಜೆ, ಹೋಮ ಹವನ ಕಾರ್ಯಕ್ರಮದಲ್ಲಿ ಭಕ್ತರು ಪಾಲ್ಗೊಂಡರು. ರಮೇಶ ಶಾಸ್ತ್ರಿ, ವಿಜಯ ಕುಲಕರ್ಣಿ, ಸಂಜೀವ ಭಟ್, ಶ್ರೀಧರ ಜೋಶಿ, ರಾಘವೇಂದ್ರ ದೇಶಪಾಂಡೆ, ಪ್ರಸಾದ ಕುಲಕರ್ಣಿ, ಶ್ರೀಕಾಂತ ಪಾಟೀಲ, ಮಂಜುನಾಥ ಹಿರೇಮಠ ಸೇರಿದಂತೆ ಅನೇಕರಿದ್ದರು.
PANADAVA REGIONAL KANNADA DAILY MORNING, Editor, Printer & Owner by :S.T. VEDAMURTHY, A.P.M.C Road, Halagori Chawl, Ranebennur - 581 115
Haveri - Dist, Karnataka State, Printed at : GAYATHRI PUBLICATIONS, Nekar Colony, Industrial Area, Ranebennur, Haveri Dist, Karnataka State
